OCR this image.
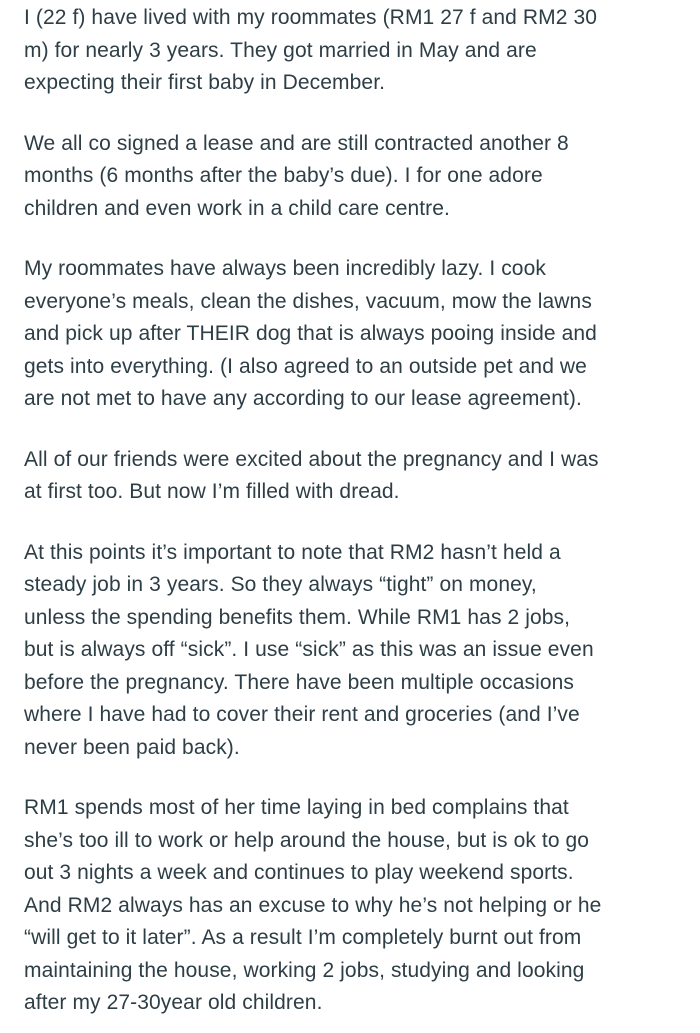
I (22 f) have lived with my roommates (RM1 27 f and RM2 30
m) for nearly 3 years. They got married in May and are
expecting their first baby in December.
We all co signed a lease and are still contracted another 8
months (6 months after the baby’s due). I for one adore
children and even work in a child care centre.
My roommates have always been incredibly lazy. I cook
everyone’s meals, clean the dishes, vacuum, mow the lawns
and pick up after THEIR dog that is always pooing inside and
gets into everything. (I also agreed to an outside pet and we
are not met to have any according to our lease agreement).
All of our friends were excited about the pregnancy and I was
at first too. But now I’m filled with dread.
At this points it’s important to note that RM2 hasn’t held a
steady job in 3 years. So they always “tight” on money,
unless the spending benefits them. While RM1 has 2 jobs,
but is always off “sick”. I use “sick” as this was an issue even
before the pregnancy. There have been multiple occasions
where I have had to cover their rent and groceries (and I’ve
never been paid back).
RM1 spends most of her time laying in bed complains that
she’s too ill to work or help around the house, but is ok to go
out 3 nights a week and continues to play weekend sports.
And RM2 always has an excuse to why he’s not helping or he
“will get to it later”. As a result I’m completely burnt out from
maintaining the house, working 2 jobs, studying and looking
after my 27-30year old children.
